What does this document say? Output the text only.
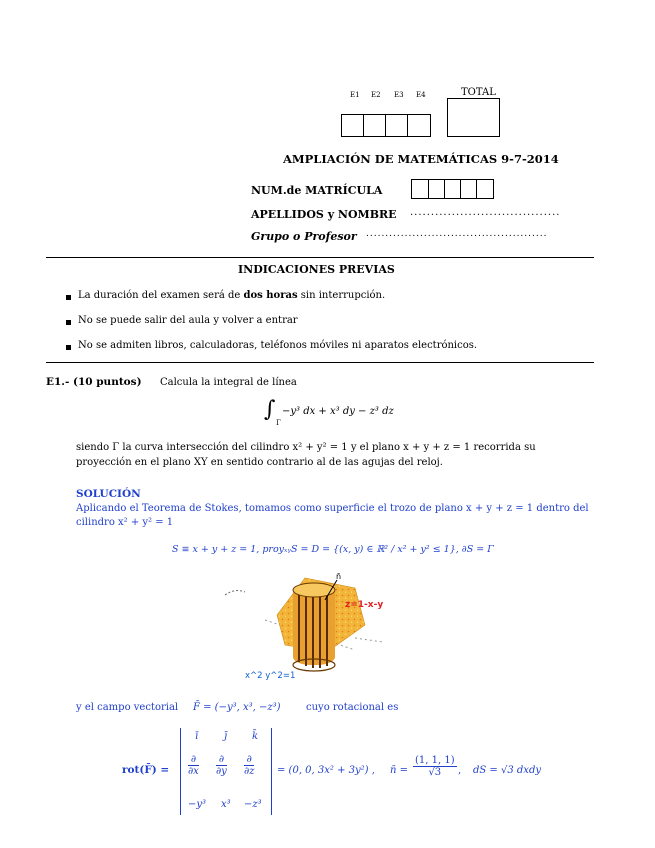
E1 E2 E3 E4	TOTAL
AMPLIACIÓN DE MATEMÁTICAS 9-7-2014
NUM.de MATRÍCULA
APELLIDOS y NOMBRE ....................................
Grupo o Profesor ...............................................
INDICACIONES PREVIAS
La duración del examen será de dos horas sin interrupción.
No se puede salir del aula y volver a entrar
No se admiten libros, calculadoras, teléfonos móviles ni aparatos electrónicos.
E1.- (10 puntos) Calcula la integral de línea
∫
Γ
−y³ dx + x³ dy − z³ dz
siendo Γ la curva intersección del cilindro x² + y² = 1 y el plano x + y + z = 1 recorrida su
proyección en el plano XY en sentido contrario al de las agujas del reloj.
SOLUCIÓN
Aplicando el Teorema de Stokes, tomamos como superficie el trozo de plano x + y + z = 1 dentro del
cilindro x² + y² = 1
S ≡ x + y + z = 1, proyₓᵧS = D = {(x, y) ∈ ℝ² / x² + y² ≤ 1}, ∂S = Γ
n̄
z=1-x-y
x^2 y^2=1
y el campo vectorial F̄ = (−y³, x³, −z³)	cuyo rotacional es
rot(F̄) =
ī	j̄ k̄
∂
∂x
∂
∂y
∂
∂z
−y³ x³ −z³
= (0, 0, 3x² + 3y²) , n̄ = $\frac{(1, 1, 1)}{√3}$ , dS = √3 dxdy
